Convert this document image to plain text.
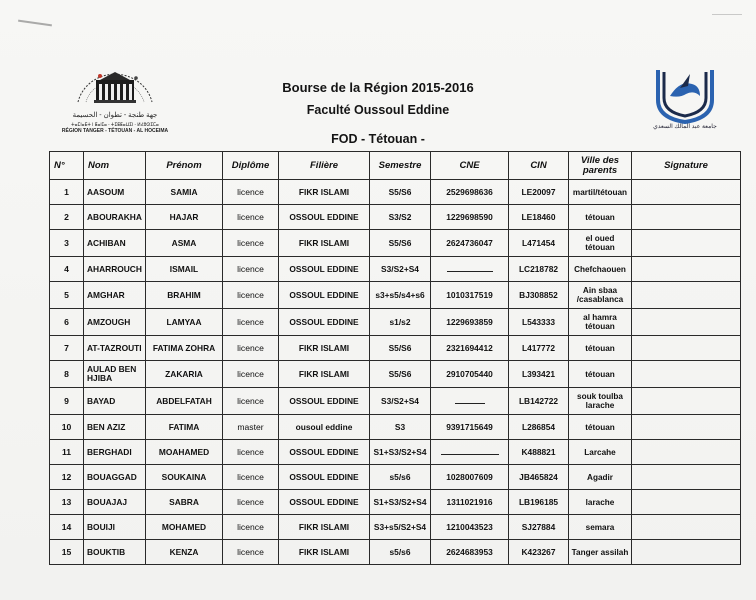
جهة طنجة - تطوان - الحسيمة
ⵜⴰⵎⵏⴰⴹⵜ ⵏ ⵟⴰⵏⵊⴰ - ⵜⵉⵟⵟⴰⵡⵉⵏ - ⵍⵃⵓⵙⵉⵎⴰ
RÉGION TANGER - TÉTOUAN - AL HOCEIMA
جامعة عبد المالك السعدي
Bourse de la Région 2015-2016
Faculté Oussoul Eddine
FOD - Tétouan -
N°	Nom	Prénom	Diplôme	Filière	Semestre	CNE	CIN	Ville des parents	Signature
1	AASOUM	SAMIA	licence	FIKR ISLAMI	S5/S6	2529698636	LE20097	martil/tétouan	
2	ABOURAKHA	HAJAR	licence	OSSOUL EDDINE	S3/S2	1229698590	LE18460	tétouan	
3	ACHIBAN	ASMA	licence	FIKR ISLAMI	S5/S6	2624736047	L471454	el oued tétouan	
4	AHARROUCH	ISMAIL	licence	OSSOUL EDDINE	S3/S2+S4		LC218782	Chefchaouen	
5	AMGHAR	BRAHIM	licence	OSSOUL EDDINE	s3+s5/s4+s6	1010317519	BJ308852	Ain sbaa /casablanca	
6	AMZOUGH	LAMYAA	licence	OSSOUL EDDINE	s1/s2	1229693859	L543333	al hamra tétouan	
7	AT-TAZROUTI	FATIMA ZOHRA	licence	FIKR ISLAMI	S5/S6	2321694412	L417772	tétouan	
8	AULAD BEN HJIBA	ZAKARIA	licence	FIKR ISLAMI	S5/S6	2910705440	L393421	tétouan	
9	BAYAD	ABDELFATAH	licence	OSSOUL EDDINE	S3/S2+S4		LB142722	souk toulba larache	
10	BEN AZIZ	FATIMA	master	ousoul eddine	S3	9391715649	L286854	tétouan	
11	BERGHADI	MOAHAMED	licence	OSSOUL EDDINE	S1+S3/S2+S4		K488821	Larcahe	
12	BOUAGGAD	SOUKAINA	licence	OSSOUL EDDINE	s5/s6	1028007609	JB465824	Agadir	
13	BOUAJAJ	SABRA	licence	OSSOUL EDDINE	S1+S3/S2+S4	1311021916	LB196185	larache	
14	BOUIJI	MOHAMED	licence	FIKR ISLAMI	S3+s5/S2+S4	1210043523	SJ27884	semara	
15	BOUKTIB	KENZA	licence	FIKR ISLAMI	s5/s6	2624683953	K423267	Tanger assilah	
